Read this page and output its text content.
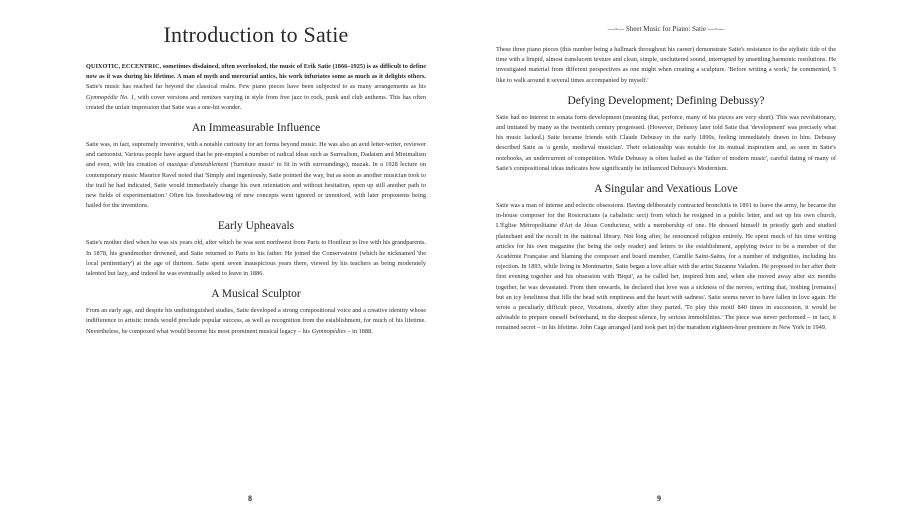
Introduction to Satie

QUIXOTIC, ECCENTRIC, sometimes disdained, often overlooked, the music of Erik Satie (1866–1925) is as difficult to define now as it was during his lifetime. A man of myth and mercurial antics, his work infuriates some as much as it delights others. Satie's music has reached far beyond the classical realm. Few piano pieces have been subjected to as many arrangements as his Gymnopédie No. 1, with cover versions and remixes varying in style from free jazz to rock, punk and club anthems. This has often created the unfair impression that Satie was a one-hit wonder.

An Immeasurable Influence

Satie was, in fact, supremely inventive, with a notable curiosity for art forms beyond music. He was also an avid letter-writer, reviewer and cartoonist. Various people have argued that he pre-empted a number of radical ideas such as Surrealism, Dadaism and Minimalism and even, with his creation of musique d'ameublement ('furniture music' to fit in with surroundings), muzak. In a 1928 lecture on contemporary music Maurice Ravel noted that 'Simply and ingeniously, Satie pointed the way, but as soon as another musician took to the trail he had indicated, Satie would immediately change his own orientation and without hesitation, open up still another path to new fields of experimentation.' Often his foreshadowing of new concepts went ignored or unnoticed, with later proponents being hailed for the inventions.

Early Upheavals

Satie's mother died when he was six years old, after which he was sent northwest from Paris to Honfleur to live with his grandparents. In 1878, his grandmother drowned, and Satie returned to Paris to his father. He joined the Conservatoire (which he nicknamed 'the local penitentiary') at the age of thirteen. Satie spent seven inauspicious years there, viewed by his teachers as being moderately talented but lazy, and indeed he was eventually asked to leave in 1886.

A Musical Sculptor

From an early age, and despite his undistinguished studies, Satie developed a strong compositional voice and a creative identity whose indifference to artistic trends would preclude popular success, as well as recognition from the establishment, for much of his lifetime. Nevertheless, he composed what would become his most prominent musical legacy – his Gymnopédies – in 1888.

8
—◦— Sheet Music for Piano: Satie —◦—

These three piano pieces (this number being a hallmark throughout his career) demonstrate Satie's resistance to the stylistic tide of the time with a limpid, almost translucent texture and clean, simple, uncluttered sound, interrupted by unsettling harmonic resolutions. He investigated material from different perspectives as one might when creating a sculpture. 'Before writing a work,' he commented, 'I like to walk around it several times accompanied by myself.'

Defying Development; Defining Debussy?

Satie had no interest in sonata form development (meaning that, perforce, many of his pieces are very short). This was revolutionary, and imitated by many as the twentieth century progressed. (However, Debussy later told Satie that 'development' was precisely what his music lacked.) Satie became friends with Claude Debussy in the early 1890s, feeling immediately drawn to him. Debussy described Satie as 'a gentle, medieval musician'. Their relationship was notable for its mutual inspiration and, as seen in Satie's notebooks, an undercurrent of competition. While Debussy is often hailed as the 'father of modern music', careful dating of many of Satie's compositional ideas indicates how significantly he influenced Debussy's Modernism.

A Singular and Vexatious Love

Satie was a man of intense and eclectic obsessions. Having deliberately contracted bronchitis in 1891 to leave the army, he became the in-house composer for the Rosicrucians (a cabalistic sect) from which he resigned in a public letter, and set up his own church, L'Église Métropolitaine d'Art de Jésus Conducteur, with a membership of one. He dressed himself in priestly garb and studied plainchant and the occult in the national library. Not long after, he renounced religion entirely. He spent much of his time writing articles for his own magazine (he being the only reader) and letters to the establishment, applying twice to be a member of the Académie Française and blaming the composer and board member, Camille Saint-Saëns, for a number of indignities, including his rejection. In 1893, while living in Montmartre, Satie began a love affair with the artist Suzanne Valadon. He proposed to her after their first evening together and his obsession with 'Biqui', as he called her, inspired him and, when she moved away after six months together, he was devastated. From then onwards, he declared that love was a sickness of the nerves, writing that, 'nothing [remains] but an icy loneliness that fills the head with emptiness and the heart with sadness'. Satie seems never to have fallen in love again. He wrote a peculiarly difficult piece, Vexations, shortly after they parted. 'To play this motif 840 times in succession, it would be advisable to prepare oneself beforehand, in the deepest silence, by serious immobilities.' The piece was never performed – in fact, it remained secret – in his lifetime. John Cage arranged (and took part in) the marathon eighteen-hour premiere in New York in 1949.

9
